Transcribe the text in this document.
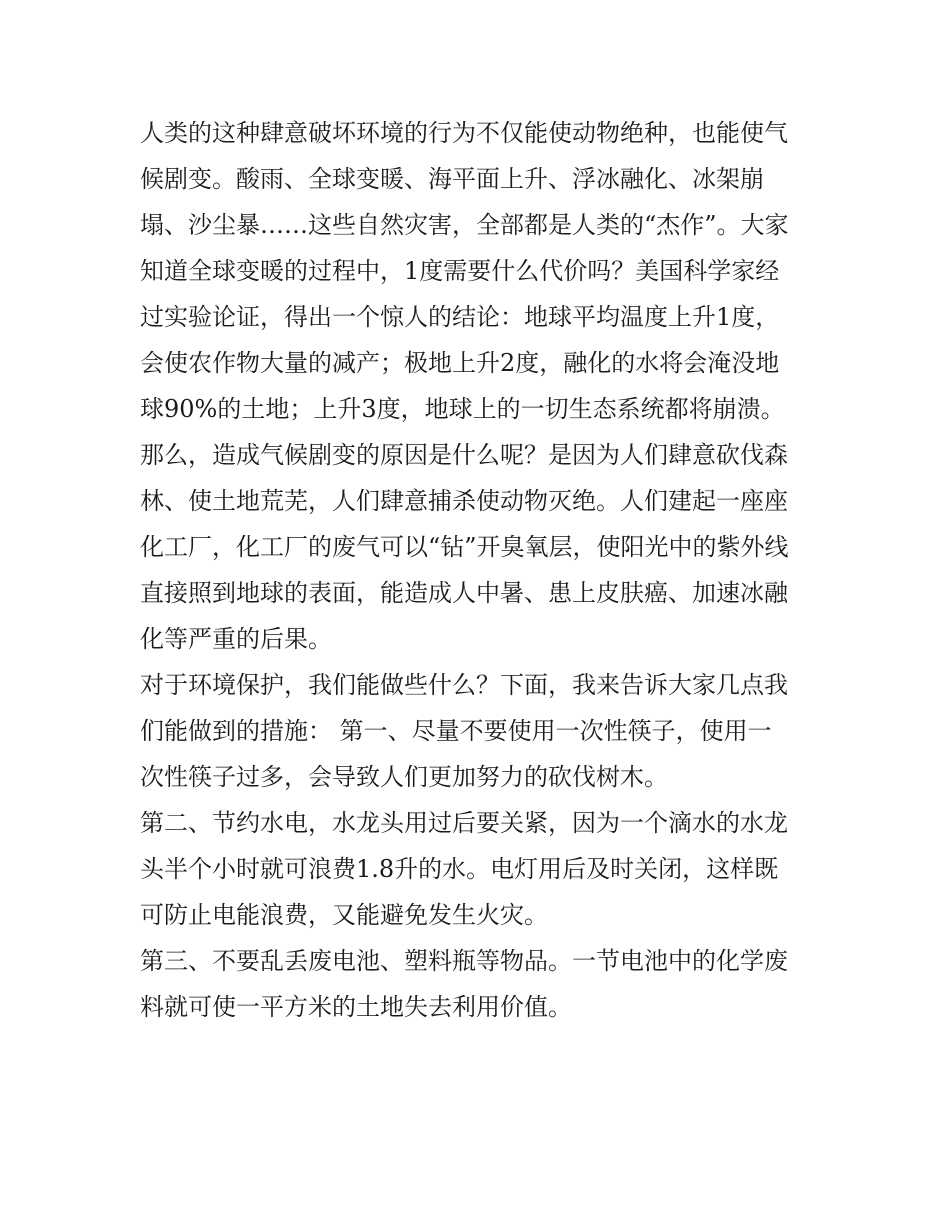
人类的这种肆意破坏环境的行为不仅能使动物绝种，也能使气
候剧变。酸雨、全球变暖、海平面上升、浮冰融化、冰架崩
塌、沙尘暴……这些自然灾害，全部都是人类的“杰作”。大家
知道全球变暖的过程中，1度需要什么代价吗？美国科学家经
过实验论证，得出一个惊人的结论：地球平均温度上升1度，
会使农作物大量的减产；极地上升2度，融化的水将会淹没地
球90%的土地；上升3度，地球上的一切生态系统都将崩溃。
那么，造成气候剧变的原因是什么呢？是因为人们肆意砍伐森
林、使土地荒芜，人们肆意捕杀使动物灭绝。人们建起一座座
化工厂，化工厂的废气可以“钻”开臭氧层，使阳光中的紫外线
直接照到地球的表面，能造成人中暑、患上皮肤癌、加速冰融
化等严重的后果。
对于环境保护，我们能做些什么？下面，我来告诉大家几点我
们能做到的措施： 第一、尽量不要使用一次性筷子，使用一
次性筷子过多，会导致人们更加努力的砍伐树木。
第二、节约水电，水龙头用过后要关紧，因为一个滴水的水龙
头半个小时就可浪费1.8升的水。电灯用后及时关闭，这样既
可防止电能浪费，又能避免发生火灾。
第三、不要乱丢废电池、塑料瓶等物品。一节电池中的化学废
料就可使一平方米的土地失去利用价值。
